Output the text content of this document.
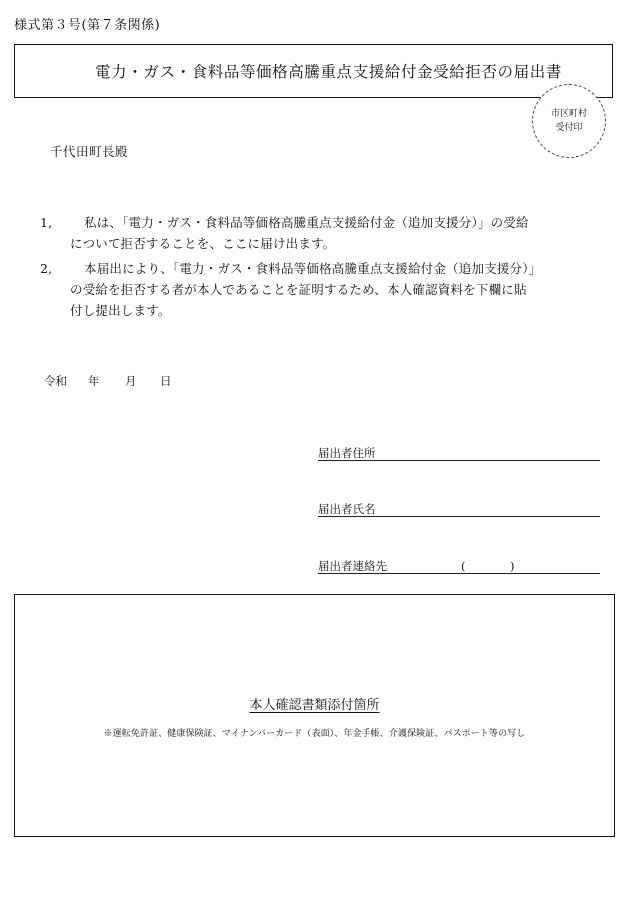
様式第３号(第７条関係)
電力・ガス・食料品等価格高騰重点支援給付金受給拒否の届出書
市区町村
受付印
千代田町長殿
1,	私は、「電力・ガス・食料品等価格高騰重点支援給付金（追加支援分）」の受給
について拒否することを、ここに届け出ます。
2,	本届出により、「電力・ガス・食料品等価格高騰重点支援給付金（追加支援分）」
の受給を拒否する者が本人であることを証明するため、本人確認資料を下欄に貼
付し提出します。
令和	年	月	日
届出者住所
届出者氏名
届出者連絡先	(	)
本人確認書類添付箇所
※運転免許証、健康保険証、マイナンバーカード（表面）、年金手帳、介護保険証、パスポート等の写し
